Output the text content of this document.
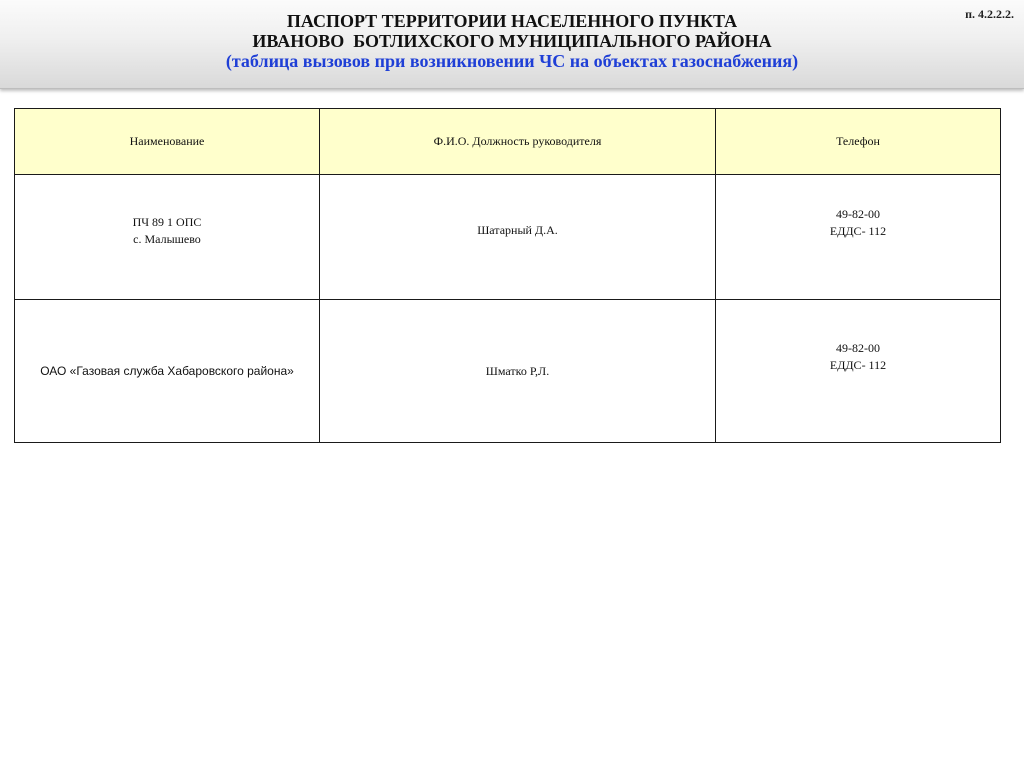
п. 4.2.2.2.
ПАСПОРТ ТЕРРИТОРИИ НАСЕЛЕННОГО ПУНКТА
ИВАНОВО  БОТЛИХСКОГО МУНИЦИПАЛЬНОГО РАЙОНА
(таблица вызовов при возникновении ЧС на объектах газоснабжения)
Наименование	Ф.И.О. Должность руководителя	Телефон

ПЧ 89 1 ОПС
с. Малышево	Шатарный Д.А.	49-82-00
ЕДДС- 112

ОАО «Газовая служба Хабаровского района»	Шматко Р,Л.	49-82-00
ЕДДС- 112
